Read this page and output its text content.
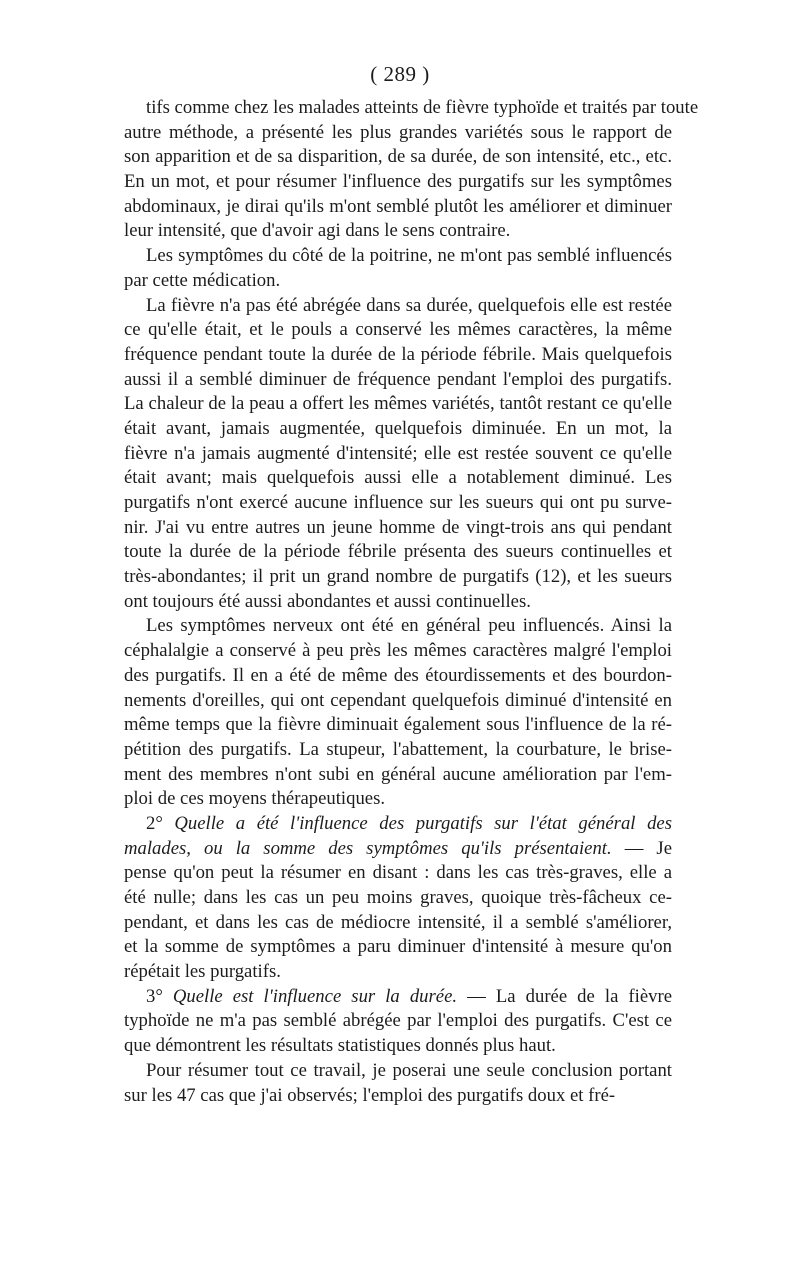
( 289 )
tifs comme chez les malades atteints de fièvre typhoïde et traités par toute
autre méthode, a présenté les plus grandes variétés sous le rapport de
son apparition et de sa disparition, de sa durée, de son intensité, etc., etc.
En un mot, et pour résumer l'influence des purgatifs sur les symptômes
abdominaux, je dirai qu'ils m'ont semblé plutôt les améliorer et diminuer
leur intensité, que d'avoir agi dans le sens contraire.
Les symptômes du côté de la poitrine, ne m'ont pas semblé influencés
par cette médication.
La fièvre n'a pas été abrégée dans sa durée, quelquefois elle est restée
ce qu'elle était, et le pouls a conservé les mêmes caractères, la même
fréquence pendant toute la durée de la période fébrile. Mais quelquefois
aussi il a semblé diminuer de fréquence pendant l'emploi des purgatifs.
La chaleur de la peau a offert les mêmes variétés, tantôt restant ce qu'elle
était avant, jamais augmentée, quelquefois diminuée. En un mot, la
fièvre n'a jamais augmenté d'intensité; elle est restée souvent ce qu'elle
était avant; mais quelquefois aussi elle a notablement diminué. Les
purgatifs n'ont exercé aucune influence sur les sueurs qui ont pu surve-
nir. J'ai vu entre autres un jeune homme de vingt-trois ans qui pendant
toute la durée de la période fébrile présenta des sueurs continuelles et
très-abondantes; il prit un grand nombre de purgatifs (12), et les sueurs
ont toujours été aussi abondantes et aussi continuelles.
Les symptômes nerveux ont été en général peu influencés. Ainsi la
céphalalgie a conservé à peu près les mêmes caractères malgré l'emploi
des purgatifs. Il en a été de même des étourdissements et des bourdon-
nements d'oreilles, qui ont cependant quelquefois diminué d'intensité en
même temps que la fièvre diminuait également sous l'influence de la ré-
pétition des purgatifs. La stupeur, l'abattement, la courbature, le brise-
ment des membres n'ont subi en général aucune amélioration par l'em-
ploi de ces moyens thérapeutiques.
2° Quelle a été l'influence des purgatifs sur l'état général des
malades, ou la somme des symptômes qu'ils présentaient. — Je
pense qu'on peut la résumer en disant : dans les cas très-graves, elle a
été nulle; dans les cas un peu moins graves, quoique très-fâcheux ce-
pendant, et dans les cas de médiocre intensité, il a semblé s'améliorer,
et la somme de symptômes a paru diminuer d'intensité à mesure qu'on
répétait les purgatifs.
3° Quelle est l'influence sur la durée. — La durée de la fièvre
typhoïde ne m'a pas semblé abrégée par l'emploi des purgatifs. C'est ce
que démontrent les résultats statistiques donnés plus haut.
Pour résumer tout ce travail, je poserai une seule conclusion portant
sur les 47 cas que j'ai observés; l'emploi des purgatifs doux et fré-
